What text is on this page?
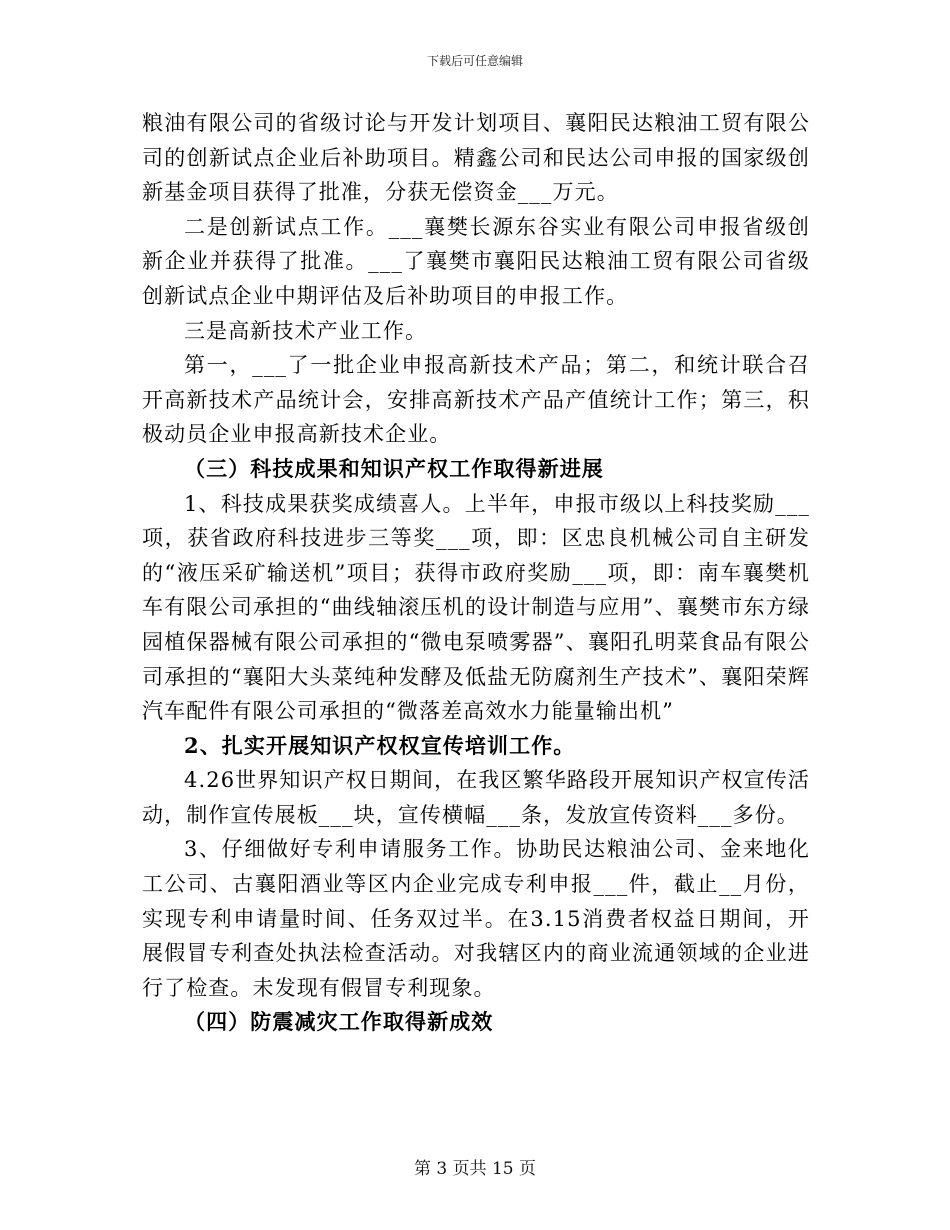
下载后可任意编辑

粮油有限公司的省级讨论与开发计划项目、襄阳民达粮油工贸有限公司的创新试点企业后补助项目。精鑫公司和民达公司申报的国家级创新基金项目获得了批准，分获无偿资金___万元。

二是创新试点工作。___襄樊长源东谷实业有限公司申报省级创新企业并获得了批准。___了襄樊市襄阳民达粮油工贸有限公司省级创新试点企业中期评估及后补助项目的申报工作。

三是高新技术产业工作。

第一，___了一批企业申报高新技术产品；第二，和统计联合召开高新技术产品统计会，安排高新技术产品产值统计工作；第三，积极动员企业申报高新技术企业。

（三）科技成果和知识产权工作取得新进展

1、科技成果获奖成绩喜人。上半年，申报市级以上科技奖励___项，获省政府科技进步三等奖___项，即：区忠良机械公司自主研发的“液压采矿输送机”项目；获得市政府奖励___项，即：南车襄樊机车有限公司承担的“曲线轴滚压机的设计制造与应用”、襄樊市东方绿园植保器械有限公司承担的“微电泵喷雾器”、襄阳孔明菜食品有限公司承担的“襄阳大头菜纯种发酵及低盐无防腐剂生产技术”、襄阳荣辉汽车配件有限公司承担的“微落差高效水力能量输出机”

2、扎实开展知识产权权宣传培训工作。

4.26世界知识产权日期间，在我区繁华路段开展知识产权宣传活动，制作宣传展板___块，宣传横幅___条，发放宣传资料___多份。

3、仔细做好专利申请服务工作。协助民达粮油公司、金来地化工公司、古襄阳酒业等区内企业完成专利申报___件，截止__月份，实现专利申请量时间、任务双过半。在3.15消费者权益日期间，开展假冒专利查处执法检查活动。对我辖区内的商业流通领域的企业进行了检查。未发现有假冒专利现象。

（四）防震减灾工作取得新成效

第 3 页共 15 页
